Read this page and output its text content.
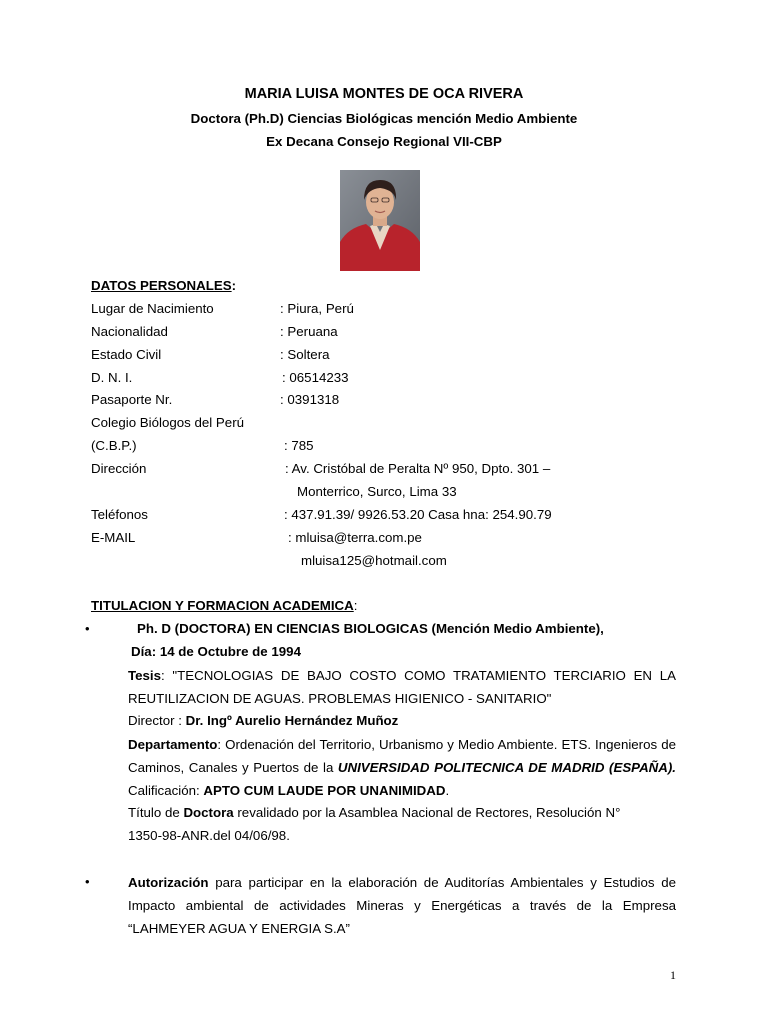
MARIA LUISA MONTES DE OCA RIVERA
Doctora (Ph.D) Ciencias Biológicas mención Medio Ambiente
Ex Decana Consejo Regional VII-CBP
DATOS PERSONALES:
Lugar de Nacimiento	: Piura, Perú
Nacionalidad	: Peruana
Estado Civil	: Soltera
D. N. I.	: 06514233
Pasaporte Nr.	: 0391318
Colegio Biólogos del Perú
(C.B.P.)	: 785
Dirección	: Av. Cristóbal de Peralta Nº 950, Dpto. 301 –
Monterrico, Surco, Lima 33
Teléfonos	: 437.91.39/ 9926.53.20 Casa hna: 254.90.79
E-MAIL	: mluisa@terra.com.pe
mluisa125@hotmail.com
TITULACION Y FORMACION ACADEMICA:
•	Ph. D (DOCTORA) EN CIENCIAS BIOLOGICAS (Mención Medio Ambiente),
Día: 14 de Octubre de 1994
Tesis: "TECNOLOGIAS DE BAJO COSTO COMO TRATAMIENTO TERCIARIO EN LA REUTILIZACION DE AGUAS. PROBLEMAS HIGIENICO - SANITARIO"
Director : Dr. Ingº Aurelio Hernández Muñoz
Departamento: Ordenación del Territorio, Urbanismo y Medio Ambiente. ETS. Ingenieros de Caminos, Canales y Puertos de la UNIVERSIDAD POLITECNICA DE MADRID (ESPAÑA). Calificación: APTO CUM LAUDE POR UNANIMIDAD.
Título de Doctora revalidado por la Asamblea Nacional de Rectores, Resolución N° 1350-98-ANR.del 04/06/98.
•	Autorización para participar en la elaboración de Auditorías Ambientales y Estudios de Impacto ambiental de actividades Mineras y Energéticas a través de la Empresa “LAHMEYER AGUA Y ENERGIA S.A”
1
